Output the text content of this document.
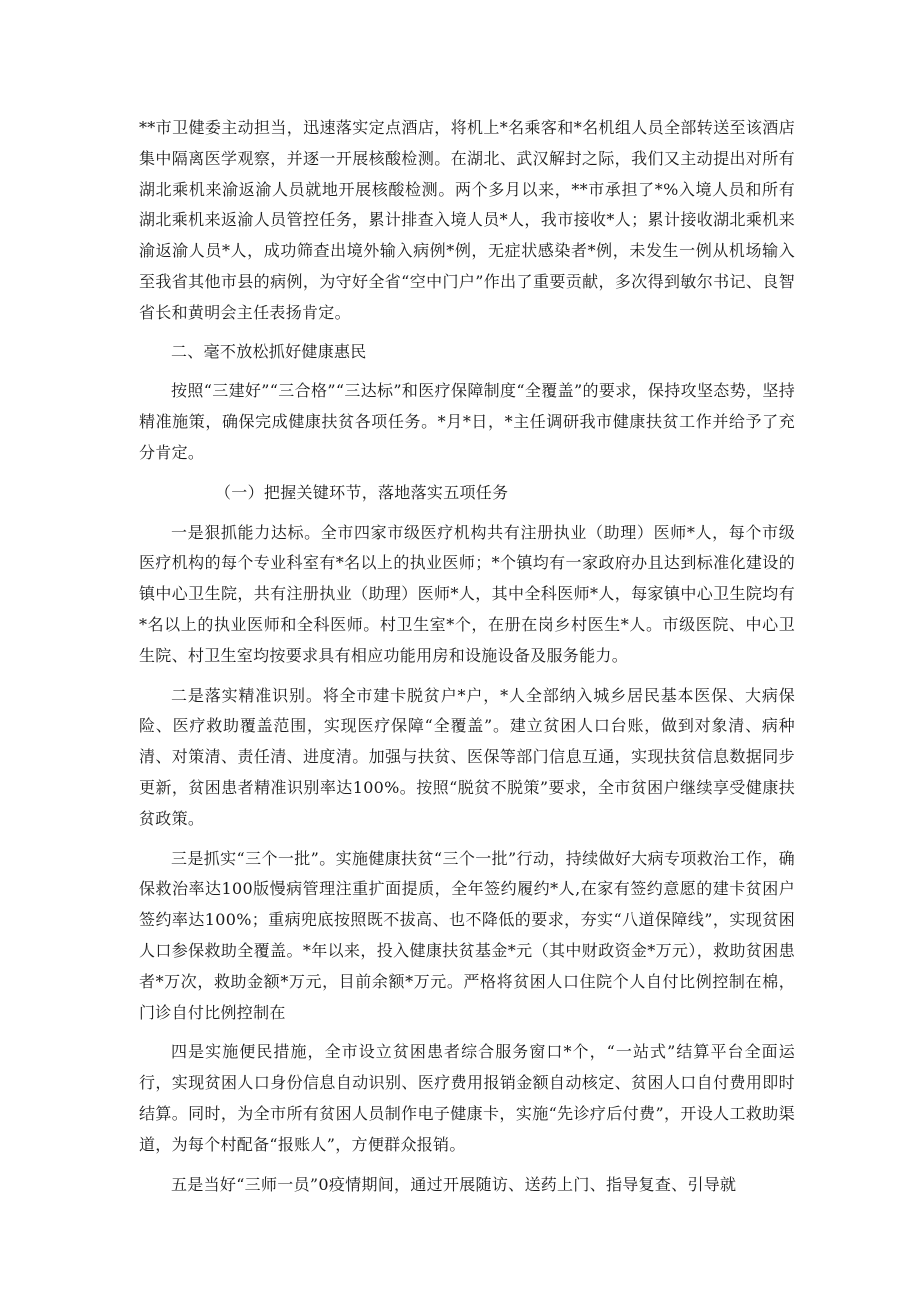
**市卫健委主动担当，迅速落实定点酒店，将机上*名乘客和*名机组人员全部转送至该酒店集中隔离医学观察，并逐一开展核酸检测。在湖北、武汉解封之际，我们又主动提出对所有湖北乘机来渝返渝人员就地开展核酸检测。两个多月以来，**市承担了*%入境人员和所有湖北乘机来返渝人员管控任务，累计排查入境人员*人，我市接收*人；累计接收湖北乘机来渝返渝人员*人，成功筛查出境外输入病例*例，无症状感染者*例，未发生一例从机场输入至我省其他市县的病例，为守好全省“空中门户”作出了重要贡献，多次得到敏尔书记、良智省长和黄明会主任表扬肯定。

二、毫不放松抓好健康惠民

按照“三建好”“三合格”“三达标”和医疗保障制度“全覆盖”的要求，保持攻坚态势，坚持精准施策，确保完成健康扶贫各项任务。*月*日，*主任调研我市健康扶贫工作并给予了充分肯定。

（一）把握关键环节，落地落实五项任务

一是狠抓能力达标。全市四家市级医疗机构共有注册执业（助理）医师*人，每个市级医疗机构的每个专业科室有*名以上的执业医师；*个镇均有一家政府办且达到标准化建设的镇中心卫生院，共有注册执业（助理）医师*人，其中全科医师*人，每家镇中心卫生院均有*名以上的执业医师和全科医师。村卫生室*个，在册在岗乡村医生*人。市级医院、中心卫生院、村卫生室均按要求具有相应功能用房和设施设备及服务能力。

二是落实精准识别。将全市建卡脱贫户*户，*人全部纳入城乡居民基本医保、大病保险、医疗救助覆盖范围，实现医疗保障“全覆盖”。建立贫困人口台账，做到对象清、病种清、对策清、责任清、进度清。加强与扶贫、医保等部门信息互通，实现扶贫信息数据同步更新，贫困患者精准识别率达100%。按照“脱贫不脱策”要求，全市贫困户继续享受健康扶贫政策。

三是抓实“三个一批”。实施健康扶贫“三个一批”行动，持续做好大病专项救治工作，确保救治率达100版慢病管理注重扩面提质，全年签约履约*人,在家有签约意愿的建卡贫困户签约率达100%；重病兜底按照既不拔高、也不降低的要求，夯实“八道保障线”，实现贫困人口参保救助全覆盖。*年以来，投入健康扶贫基金*元（其中财政资金*万元），救助贫困患者*万次，救助金额*万元，目前余额*万元。严格将贫困人口住院个人自付比例控制在棉，门诊自付比例控制在

四是实施便民措施，全市设立贫困患者综合服务窗口*个，“一站式”结算平台全面运行，实现贫困人口身份信息自动识别、医疗费用报销金额自动核定、贫困人口自付费用即时结算。同时，为全市所有贫困人员制作电子健康卡，实施“先诊疗后付费”，开设人工救助渠道，为每个村配备“报账人”，方便群众报销。

五是当好“三师一员”0疫情期间，通过开展随访、送药上门、指导复查、引导就
